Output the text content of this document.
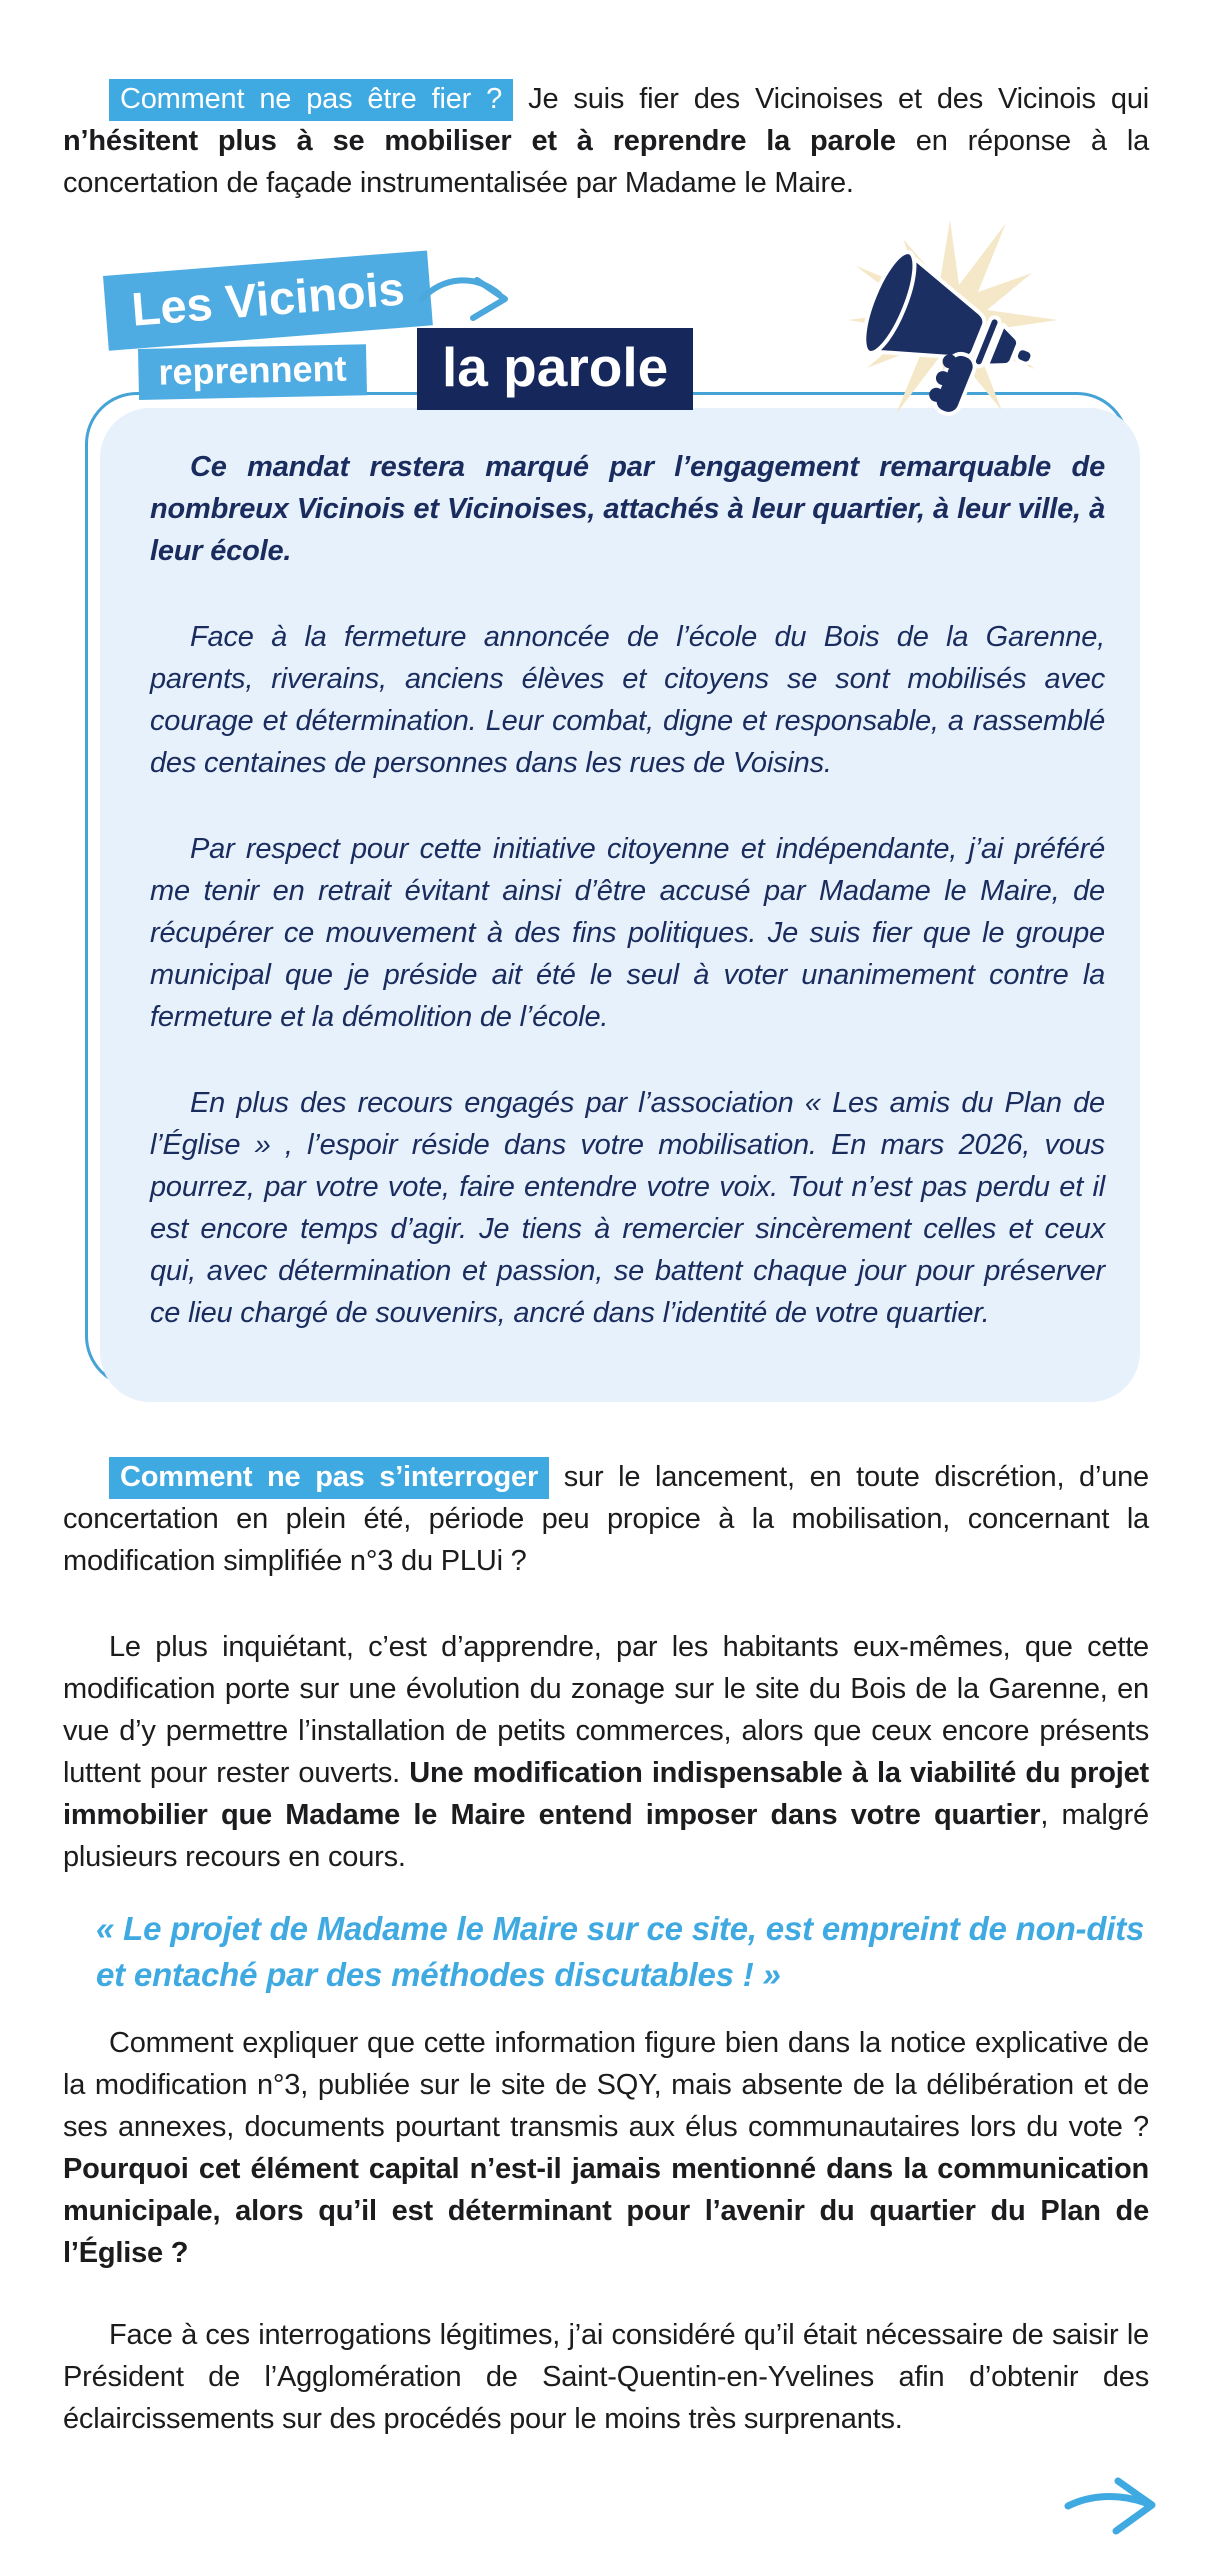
Comment ne pas être fier ? Je suis fier des Vicinoises et des Vicinois qui n’hésitent plus à se mobiliser et à reprendre la parole en réponse à la concertation de façade instrumentalisée par Madame le Maire.

Ce mandat restera marqué par l’engagement remarquable de nombreux Vicinois et Vicinoises, attachés à leur quartier, à leur ville, à leur école.

Face à la fermeture annoncée de l’école du Bois de la Garenne, parents, riverains, anciens élèves et citoyens se sont mobilisés avec courage et détermination. Leur combat, digne et responsable, a rassemblé des centaines de personnes dans les rues de Voisins.

Par respect pour cette initiative citoyenne et indépendante, j’ai préféré me tenir en retrait évitant ainsi d’être accusé par Madame le Maire, de récupérer ce mouvement à des fins politiques. Je suis fier que le groupe municipal que je préside ait été le seul à voter unanimement contre la fermeture et la démolition de l’école.

En plus des recours engagés par l’association « Les amis du Plan de l’Église » , l’espoir réside dans votre mobilisation. En mars 2026, vous pourrez, par votre vote, faire entendre votre voix. Tout n’est pas perdu et il est encore temps d’agir. Je tiens à remercier sincèrement celles et ceux qui, avec détermination et passion, se battent chaque jour pour préserver ce lieu chargé de souvenirs, ancré dans l’identité de votre quartier.

Les Vicinois
reprennent	la parole

Comment ne pas s’interroger sur le lancement, en toute discrétion, d’une concertation en plein été, période peu propice à la mobilisation, concernant la modification simplifiée n°3 du PLUi ?

Le plus inquiétant, c’est d’apprendre, par les habitants eux-mêmes, que cette modification porte sur une évolution du zonage sur le site du Bois de la Garenne, en vue d’y permettre l’installation de petits commerces, alors que ceux encore présents luttent pour rester ouverts. Une modification indispensable à la viabilité du projet immobilier que Madame le Maire entend imposer dans votre quartier, malgré plusieurs recours en cours.

« Le projet de Madame le Maire sur ce site, est empreint de non-dits et entaché par des méthodes discutables ! »

Comment expliquer que cette information figure bien dans la notice explicative de la modification n°3, publiée sur le site de SQY, mais absente de la délibération et de ses annexes, documents pourtant transmis aux élus communautaires lors du vote ? Pourquoi cet élément capital n’est-il jamais mentionné dans la communication municipale, alors qu’il est déterminant pour l’avenir du quartier du Plan de l’Église ?

Face à ces interrogations légitimes, j’ai considéré qu’il était nécessaire de saisir le Président de l’Agglomération de Saint-Quentin-en-Yvelines afin d’obtenir des éclaircissements sur des procédés pour le moins très surprenants.
